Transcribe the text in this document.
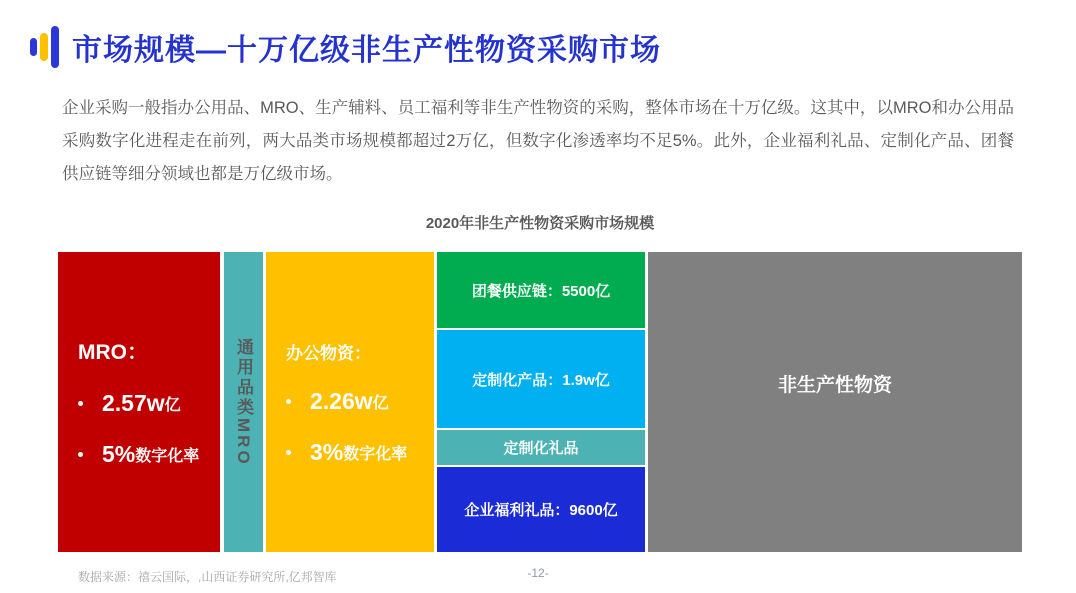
市场规模—十万亿级非生产性物资采购市场

企业采购一般指办公用品、MRO、生产辅料、员工福利等非生产性物资的采购，整体市场在十万亿级。这其中，以MRO和办公用品采购数字化进程走在前列，两大品类市场规模都超过2万亿，但数字化渗透率均不足5%。此外，企业福利礼品、定制化产品、团餐供应链等细分领域也都是万亿级市场。

2020年非生产性物资采购市场规模
MRO：
2.57w 亿
5% 数字化率 通用品类MRO 办公物资：
2.26w 亿
3% 数字化率
团餐供应链：5500亿
定制化产品：1.9w亿
定制化礼品
企业福利礼品：9600亿
非生产性物资
-12-
数据来源：禧云国际，,山西证券研究所,亿邦智库
